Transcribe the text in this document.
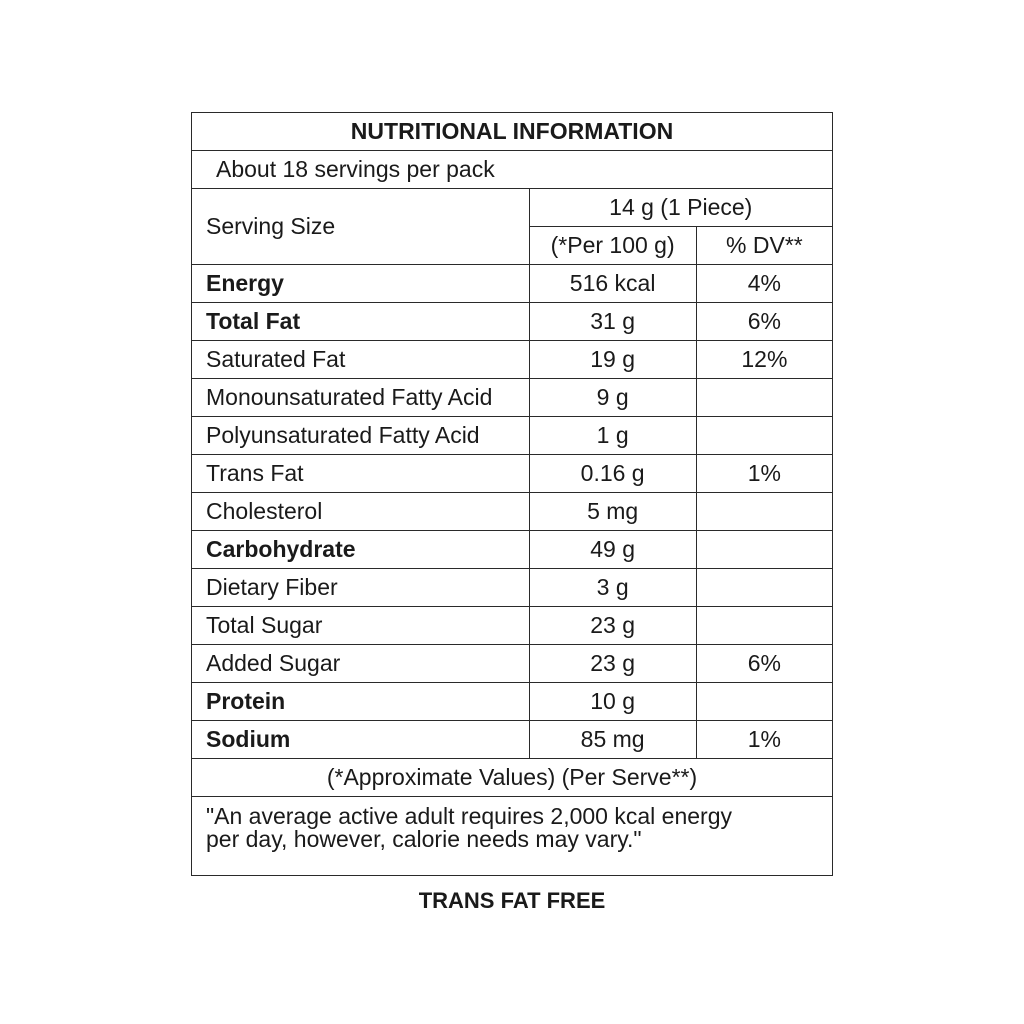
NUTRITIONAL INFORMATION		
About 18 servings per pack		
Serving Size	14 g (1 Piece)	
	(*Per 100 g)	% DV**
Energy	516 kcal	4%
Total Fat	31 g	6%
Saturated Fat	19 g	12%
Monounsaturated Fatty Acid	9 g	
Polyunsaturated Fatty Acid	1 g	
Trans Fat	0.16 g	1%
Cholesterol	5 mg	
Carbohydrate	49 g	
Dietary Fiber	3 g	
Total Sugar	23 g	
Added Sugar	23 g	6%
Protein	10 g	
Sodium	85 mg	1%
(*Approximate Values) (Per Serve**)		
"An average active adult requires 2,000 kcal energy
per day, however, calorie needs may vary."		
TRANS FAT FREE
